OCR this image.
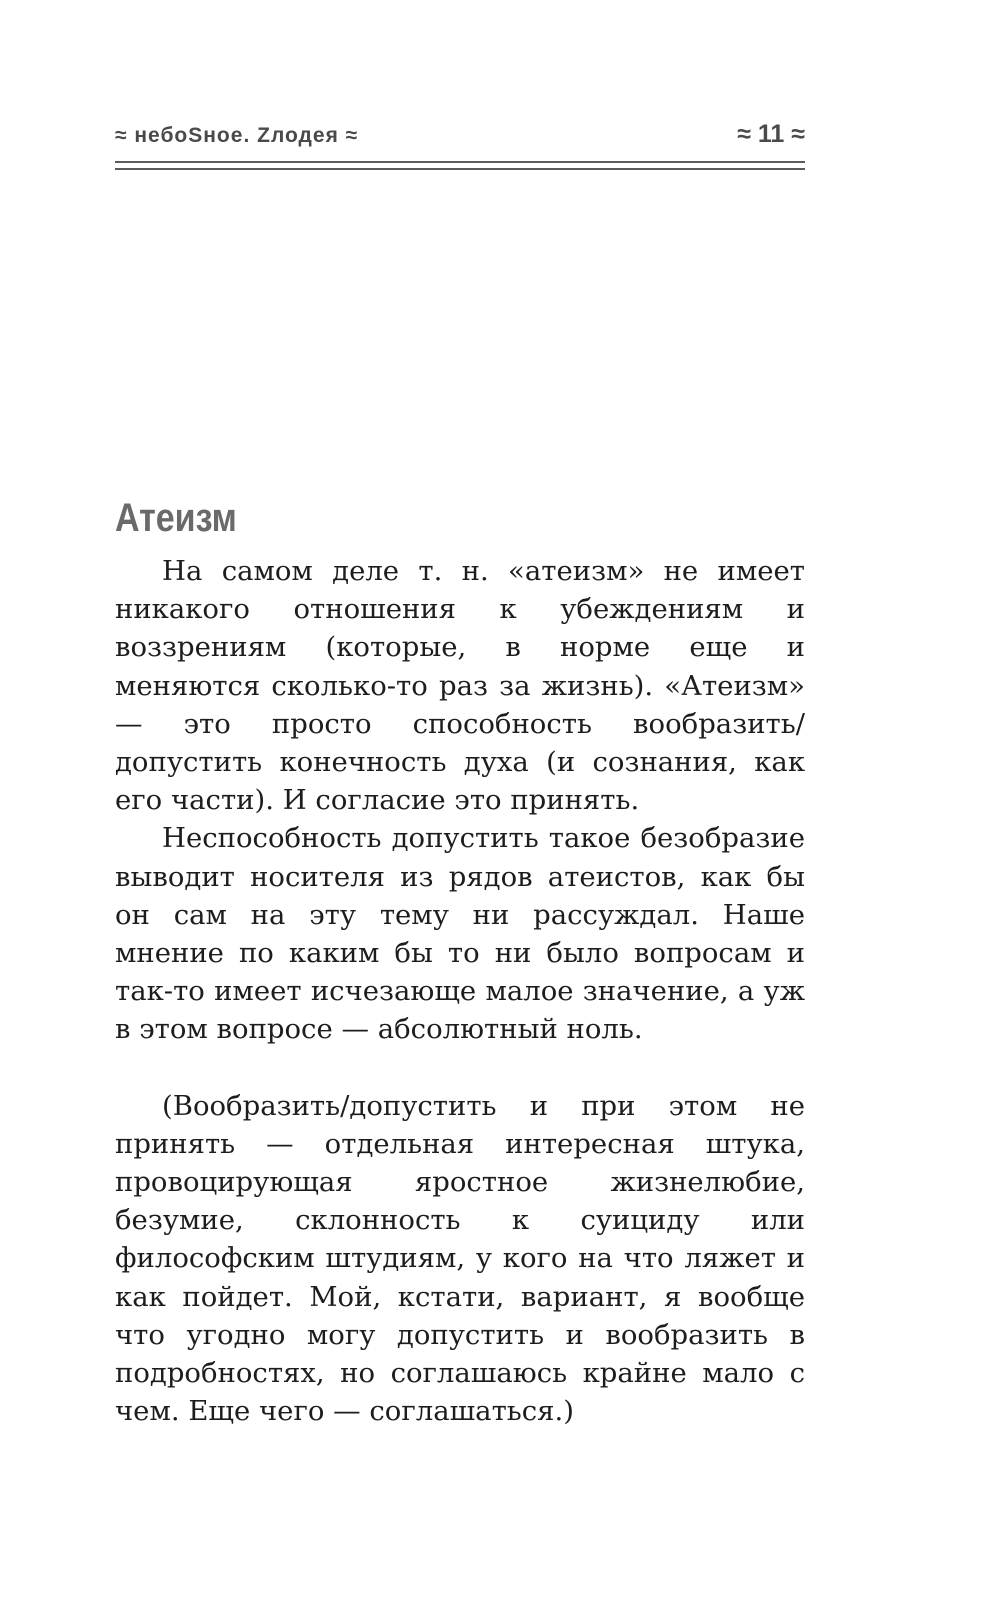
≈ небоЅное. Zлодея ≈	≈ 11 ≈
Атеизм

На самом деле т. н. «атеизм» не имеет никакого отношения к убеждениям и воззрениям (которые, в норме еще и меняются сколько-то раз за жизнь). «Атеизм» — это просто способность вообразить/допустить конечность духа (и сознания, как его части). И согласие это принять.

Неспособность допустить такое безобразие выводит носителя из рядов атеистов, как бы он сам на эту тему ни рассуждал. Наше мнение по каким бы то ни было вопросам и так-то имеет исчезающе малое значение, а уж в этом вопросе — абсолютный ноль.

(Вообразить/допустить и при этом не принять — отдельная интересная штука, провоцирующая яростное жизнелюбие, безумие, склонность к суициду или философским штудиям, у кого на что ляжет и как пойдет. Мой, кстати, вариант, я вообще что угодно могу допустить и вообразить в подробностях, но соглашаюсь крайне мало с чем. Еще чего — соглашаться.)
